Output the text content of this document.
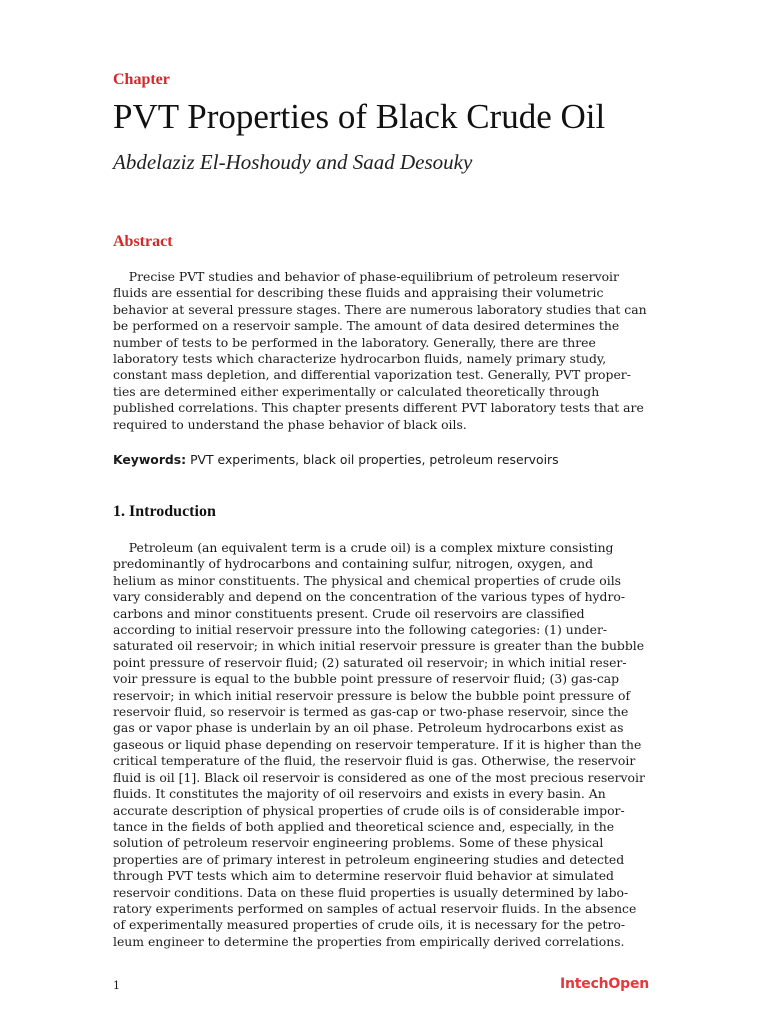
Chapter
PVT Properties of Black Crude Oil
Abdelaziz El-Hoshoudy and Saad Desouky
Abstract
Precise PVT studies and behavior of phase-equilibrium of petroleum reservoir
fluids are essential for describing these fluids and appraising their volumetric
behavior at several pressure stages. There are numerous laboratory studies that can
be performed on a reservoir sample. The amount of data desired determines the
number of tests to be performed in the laboratory. Generally, there are three
laboratory tests which characterize hydrocarbon fluids, namely primary study,
constant mass depletion, and differential vaporization test. Generally, PVT proper-
ties are determined either experimentally or calculated theoretically through
published correlations. This chapter presents different PVT laboratory tests that are
required to understand the phase behavior of black oils.
Keywords: PVT experiments, black oil properties, petroleum reservoirs
1. Introduction
Petroleum (an equivalent term is a crude oil) is a complex mixture consisting
predominantly of hydrocarbons and containing sulfur, nitrogen, oxygen, and
helium as minor constituents. The physical and chemical properties of crude oils
vary considerably and depend on the concentration of the various types of hydro-
carbons and minor constituents present. Crude oil reservoirs are classified
according to initial reservoir pressure into the following categories: (1) under-
saturated oil reservoir; in which initial reservoir pressure is greater than the bubble
point pressure of reservoir fluid; (2) saturated oil reservoir; in which initial reser-
voir pressure is equal to the bubble point pressure of reservoir fluid; (3) gas-cap
reservoir; in which initial reservoir pressure is below the bubble point pressure of
reservoir fluid, so reservoir is termed as gas-cap or two-phase reservoir, since the
gas or vapor phase is underlain by an oil phase. Petroleum hydrocarbons exist as
gaseous or liquid phase depending on reservoir temperature. If it is higher than the
critical temperature of the fluid, the reservoir fluid is gas. Otherwise, the reservoir
fluid is oil [1]. Black oil reservoir is considered as one of the most precious reservoir
fluids. It constitutes the majority of oil reservoirs and exists in every basin. An
accurate description of physical properties of crude oils is of considerable impor-
tance in the fields of both applied and theoretical science and, especially, in the
solution of petroleum reservoir engineering problems. Some of these physical
properties are of primary interest in petroleum engineering studies and detected
through PVT tests which aim to determine reservoir fluid behavior at simulated
reservoir conditions. Data on these fluid properties is usually determined by labo-
ratory experiments performed on samples of actual reservoir fluids. In the absence
of experimentally measured properties of crude oils, it is necessary for the petro-
leum engineer to determine the properties from empirically derived correlations.
1	IntechOpen
